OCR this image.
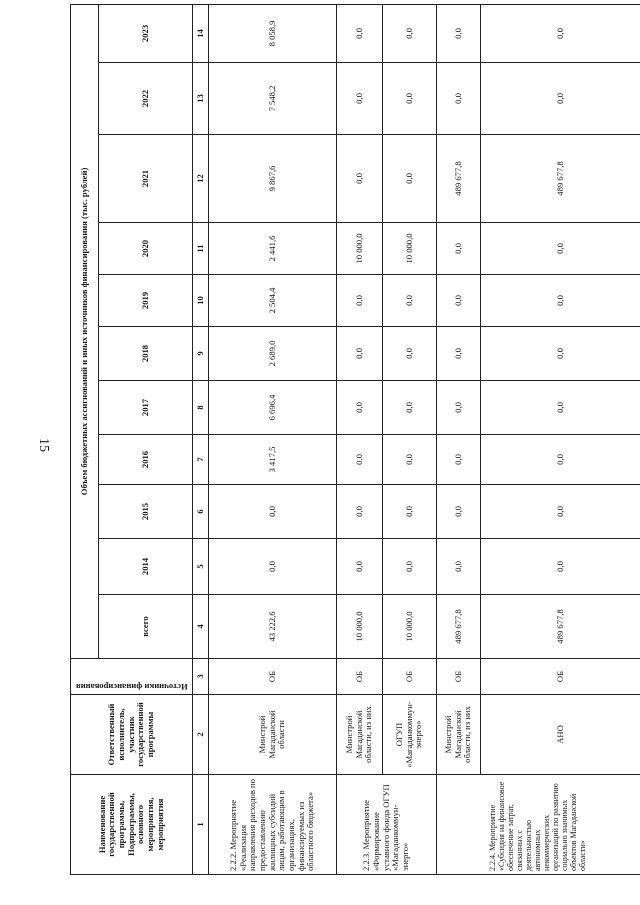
15
Наименование государственной программы, Подпрограммы, основного мероприятия, мероприятия	Ответственный исполнитель, участник государственной программы	Источники финансирования	Объем бюджетных ассигнований и иных источников финансирования (тыс. рублей)										
			всего	2014	2015	2016	2017	2018	2019	2020	2021	2022	2023
1	2	3	4	5	6	7	8	9	10	11	12	13	14
2.2.2. Мероприятие «Реализация направления расходов по предоставлению жилищных субсидий лицам, работающим в организациях, финансируемых из областного бюджета»	Минстрой Магаданской области	ОБ	43 222,6	0,0	0,0	3 417,5	6 696,4	2 689,0	2 504,4	2 441,6	9 867,6	7 548,2	8 058,9
2.2.3. Мероприятие «Формирование уставного фонда ОГУП «Магаданкоммун-энерго»	Минстрой Магаданской области, из них	ОБ	10 000,0	0,0	0,0	0,0	0,0	0,0	0,0	10 000,0	0,0	0,0	0,0
	ОГУП «Магаданкоммун-энерго»	ОБ	10 000,0	0,0	0,0	0,0	0,0	0,0	0,0	10 000,0	0,0	0,0	0,0
2.2.4. Мероприятие «Субсидия на финансовое обеспечение затрат, связанных с деятельностью автономных некоммерческих организаций по развитию социально значимых объектов Магаданской области»	Минстрой Магаданской области, из них	ОБ	489 677,8	0,0	0,0	0,0	0,0	0,0	0,0	0,0	489 677,8	0,0	0,0
	АНО	ОБ	489 677,8	0,0	0,0	0,0	0,0	0,0	0,0	0,0	489 677,8	0,0	0,0
